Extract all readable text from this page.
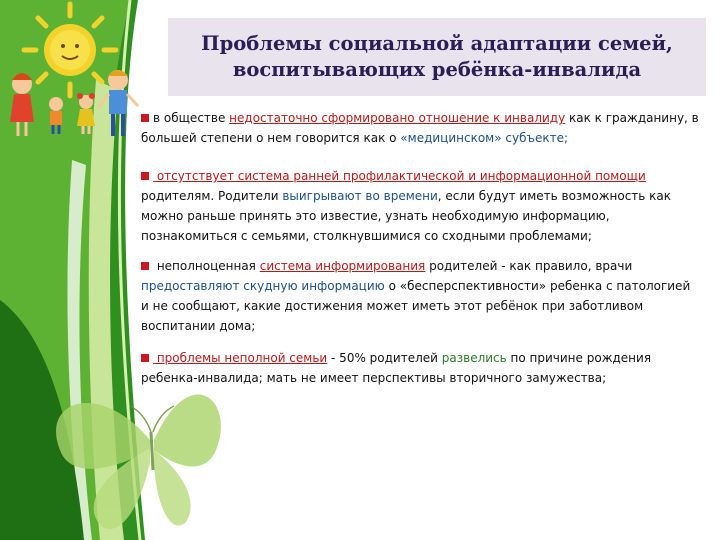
Проблемы социальной адаптации семей,
воспитывающих ребёнка-инвалида

в обществе недостаточно сформировано отношение к инвалиду как к гражданину, в большей степени о нем говорится как о «медицинском» субъекте;

отсутствует система ранней профилактической и информационной помощи родителям. Родители выигрывают во времени, если будут иметь возможность как можно раньше принять это известие, узнать необходимую информацию, познакомиться с семьями, столкнувшимися со сходными проблемами;

неполноценная система информирования родителей - как правило, врачи предоставляют скудную информацию о «бесперспективности» ребенка с патологией и не сообщают, какие достижения может иметь этот ребёнок при заботливом воспитании дома;

проблемы неполной семьи - 50% родителей развелись по причине рождения ребенка-инвалида; мать не имеет перспективы вторичного замужества;
